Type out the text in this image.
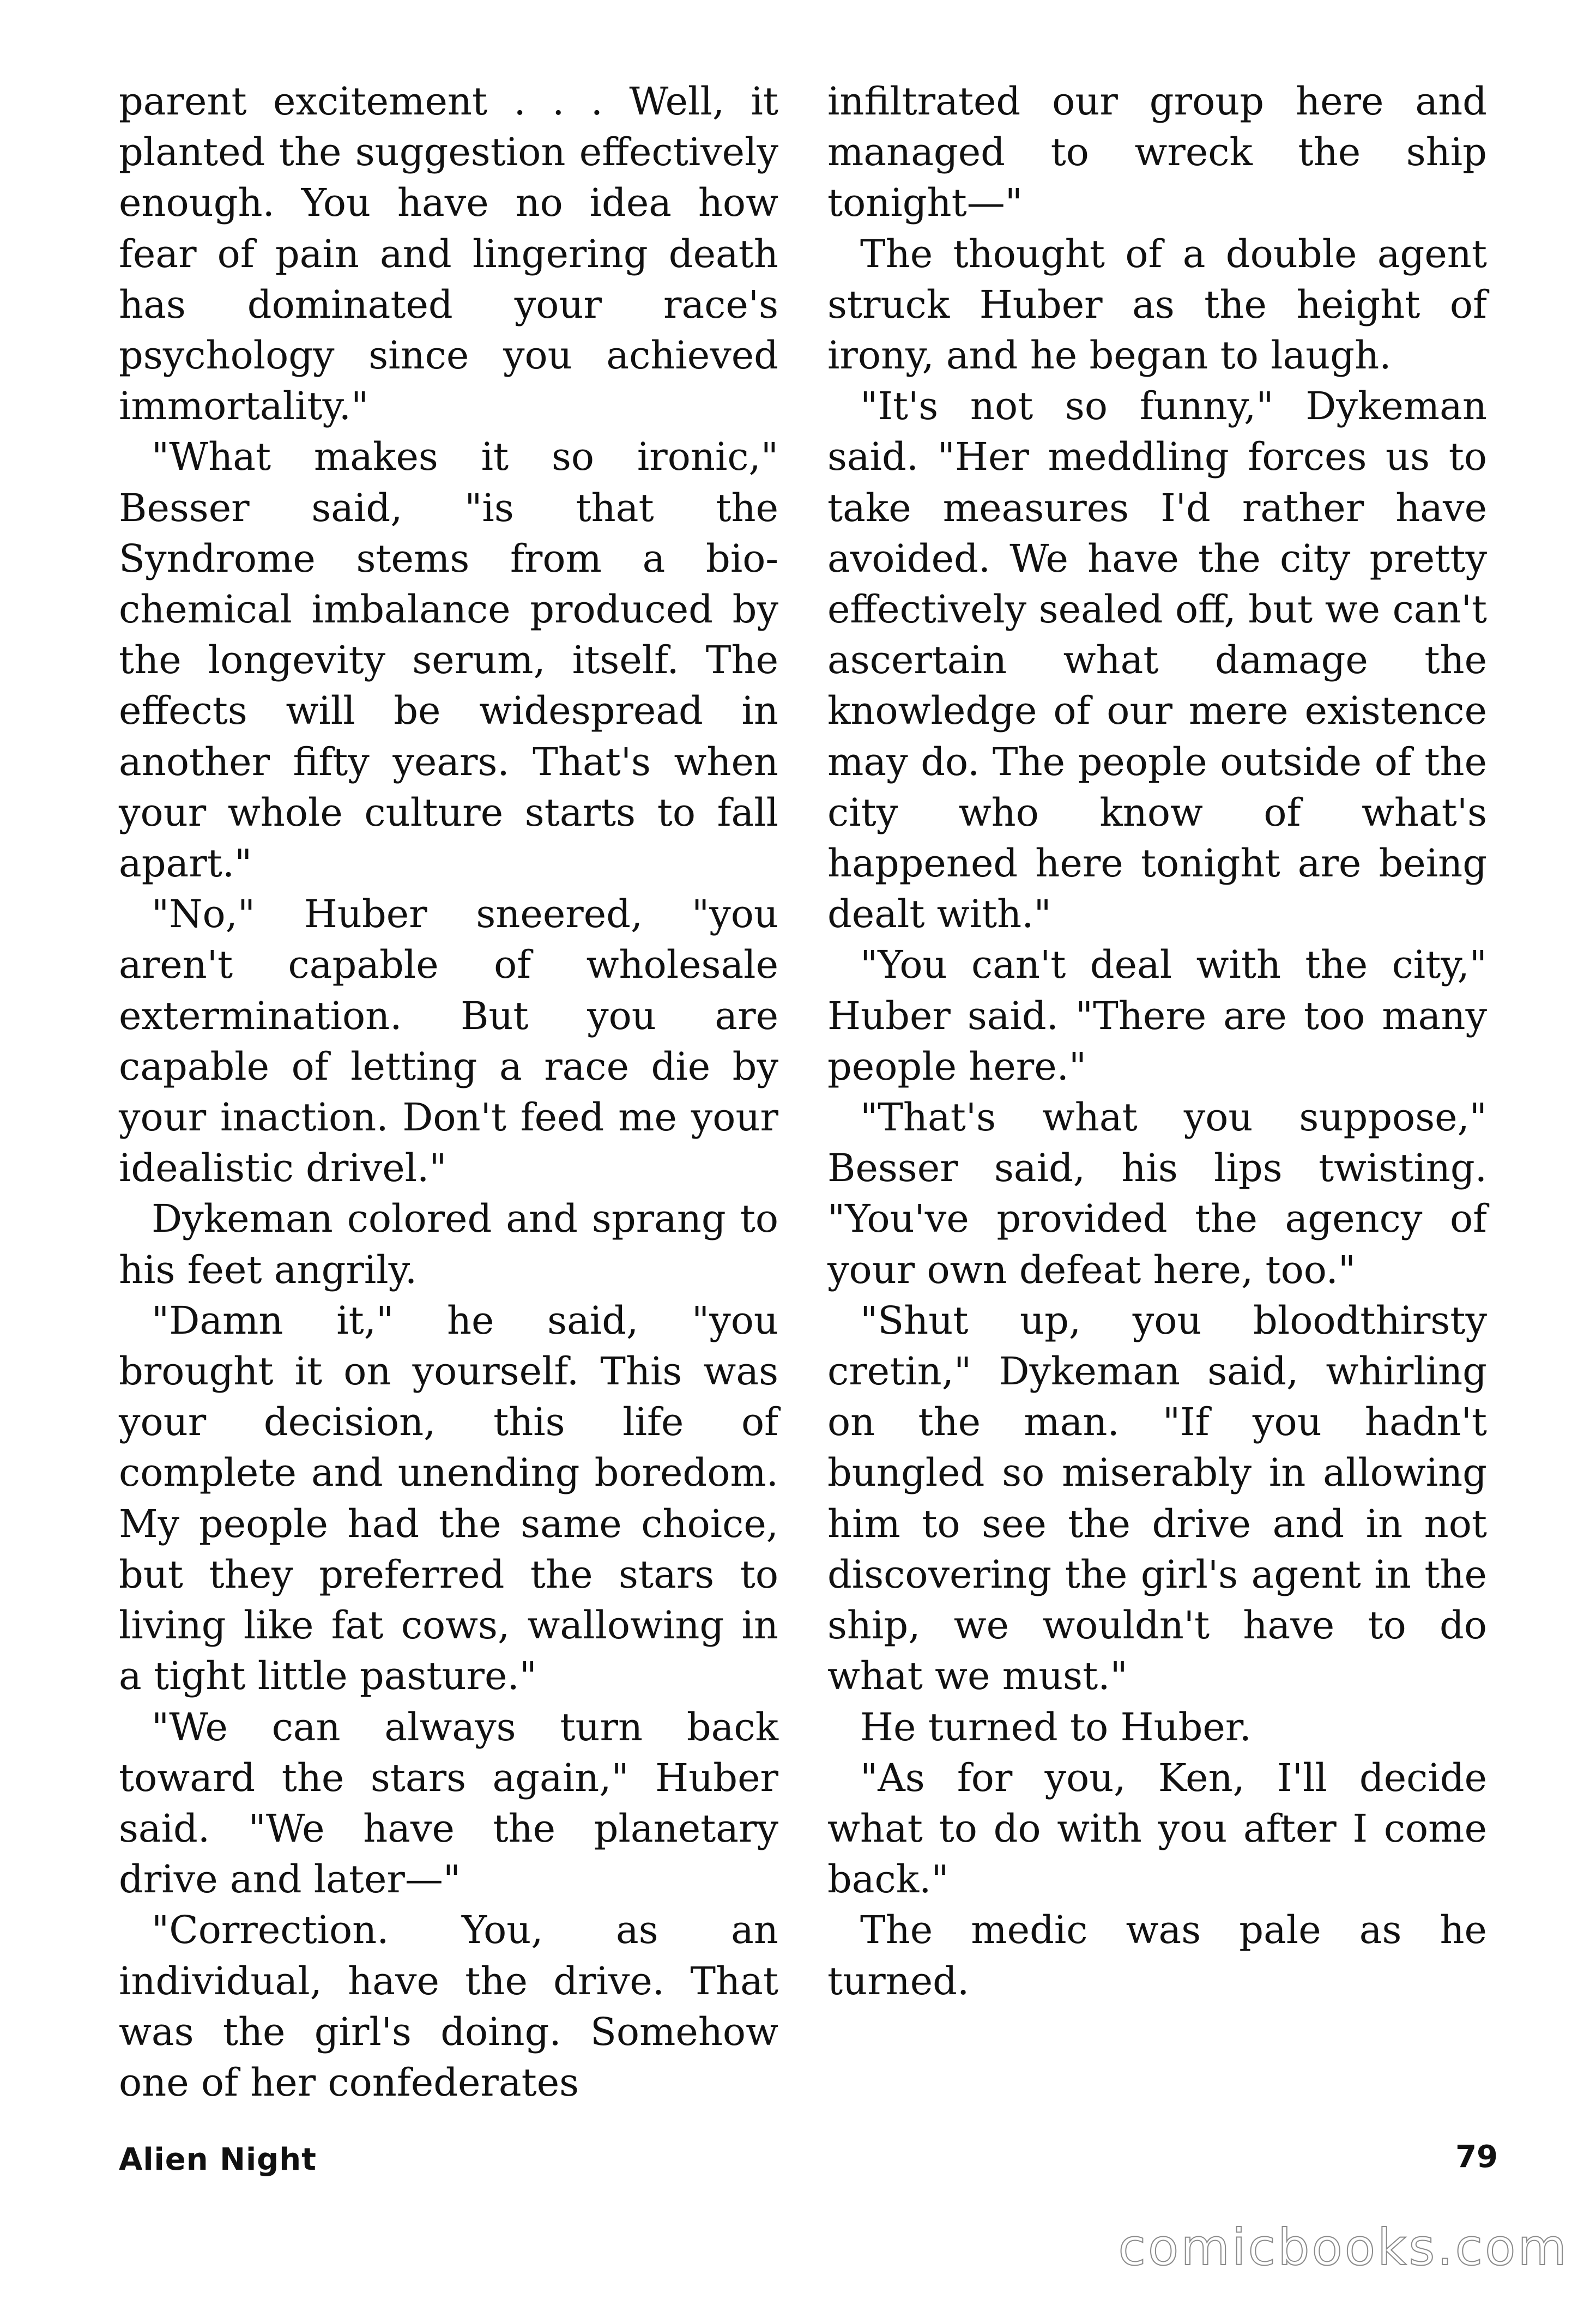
parent excitement . . . Well, it planted the suggestion effectively enough. You have no idea how fear of pain and lingering death has dominated your race's psychology since you achieved immortality."

"What makes it so ironic," Besser said, "is that the Syndrome stems from a bio-chemical imbalance produced by the longevity serum, itself. The effects will be widespread in another fifty years. That's when your whole culture starts to fall apart."

"No," Huber sneered, "you aren't capable of wholesale extermination. But you are capable of letting a race die by your inaction. Don't feed me your idealistic drivel."

Dykeman colored and sprang to his feet angrily.

"Damn it," he said, "you brought it on yourself. This was your decision, this life of complete and unending boredom. My people had the same choice, but they preferred the stars to living like fat cows, wallowing in a tight little pasture."

"We can always turn back toward the stars again," Huber said. "We have the planetary drive and later—"

"Correction. You, as an individual, have the drive. That was the girl's doing. Somehow one of her confederates

infiltrated our group here and managed to wreck the ship tonight—"

The thought of a double agent struck Huber as the height of irony, and he began to laugh.

"It's not so funny," Dykeman said. "Her meddling forces us to take measures I'd rather have avoided. We have the city pretty effectively sealed off, but we can't ascertain what damage the knowledge of our mere existence may do. The people outside of the city who know of what's happened here tonight are being dealt with."

"You can't deal with the city," Huber said. "There are too many people here."

"That's what you suppose," Besser said, his lips twisting. "You've provided the agency of your own defeat here, too."

"Shut up, you bloodthirsty cretin," Dykeman said, whirling on the man. "If you hadn't bungled so miserably in allowing him to see the drive and in not discovering the girl's agent in the ship, we wouldn't have to do what we must."

He turned to Huber.

"As for you, Ken, I'll decide what to do with you after I come back."

The medic was pale as he turned.

Alien Night	79
comicbooks.com
